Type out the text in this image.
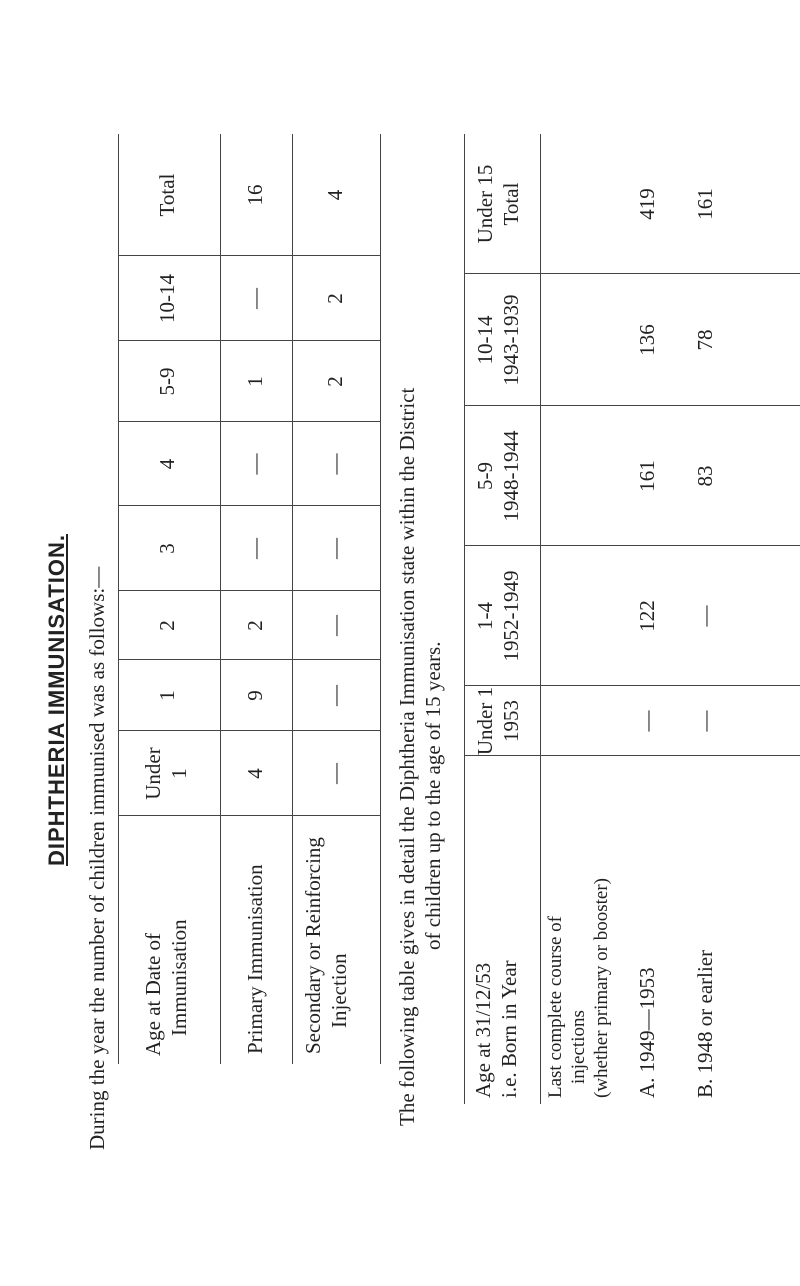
DIPHTHERIA IMMUNISATION. During the year the number of children immunised was as follows:— Age at Date of Immunisation
Under 1
1
2
3
4
5-9
10-14
Total
Primary Immunisation
4
9
2
—
—
1
—
16
Secondary or Reinforcing Injection
—
—
—
—
—
2
2
4
The following table gives in detail the Diphtheria Immunisation state within the District of children up to the age of 15 years.
Age at 31/12/53 i.e. Born in Year
Under 1 1953
1-4 1952-1949
5-9 1948-1944
10-14 1943-1939
Under 15 Total
Last complete course of injections (whether primary or booster) A. 1949—1953
—
122
161
136
419
B. 1948 or earlier
—
—
83
78
161
